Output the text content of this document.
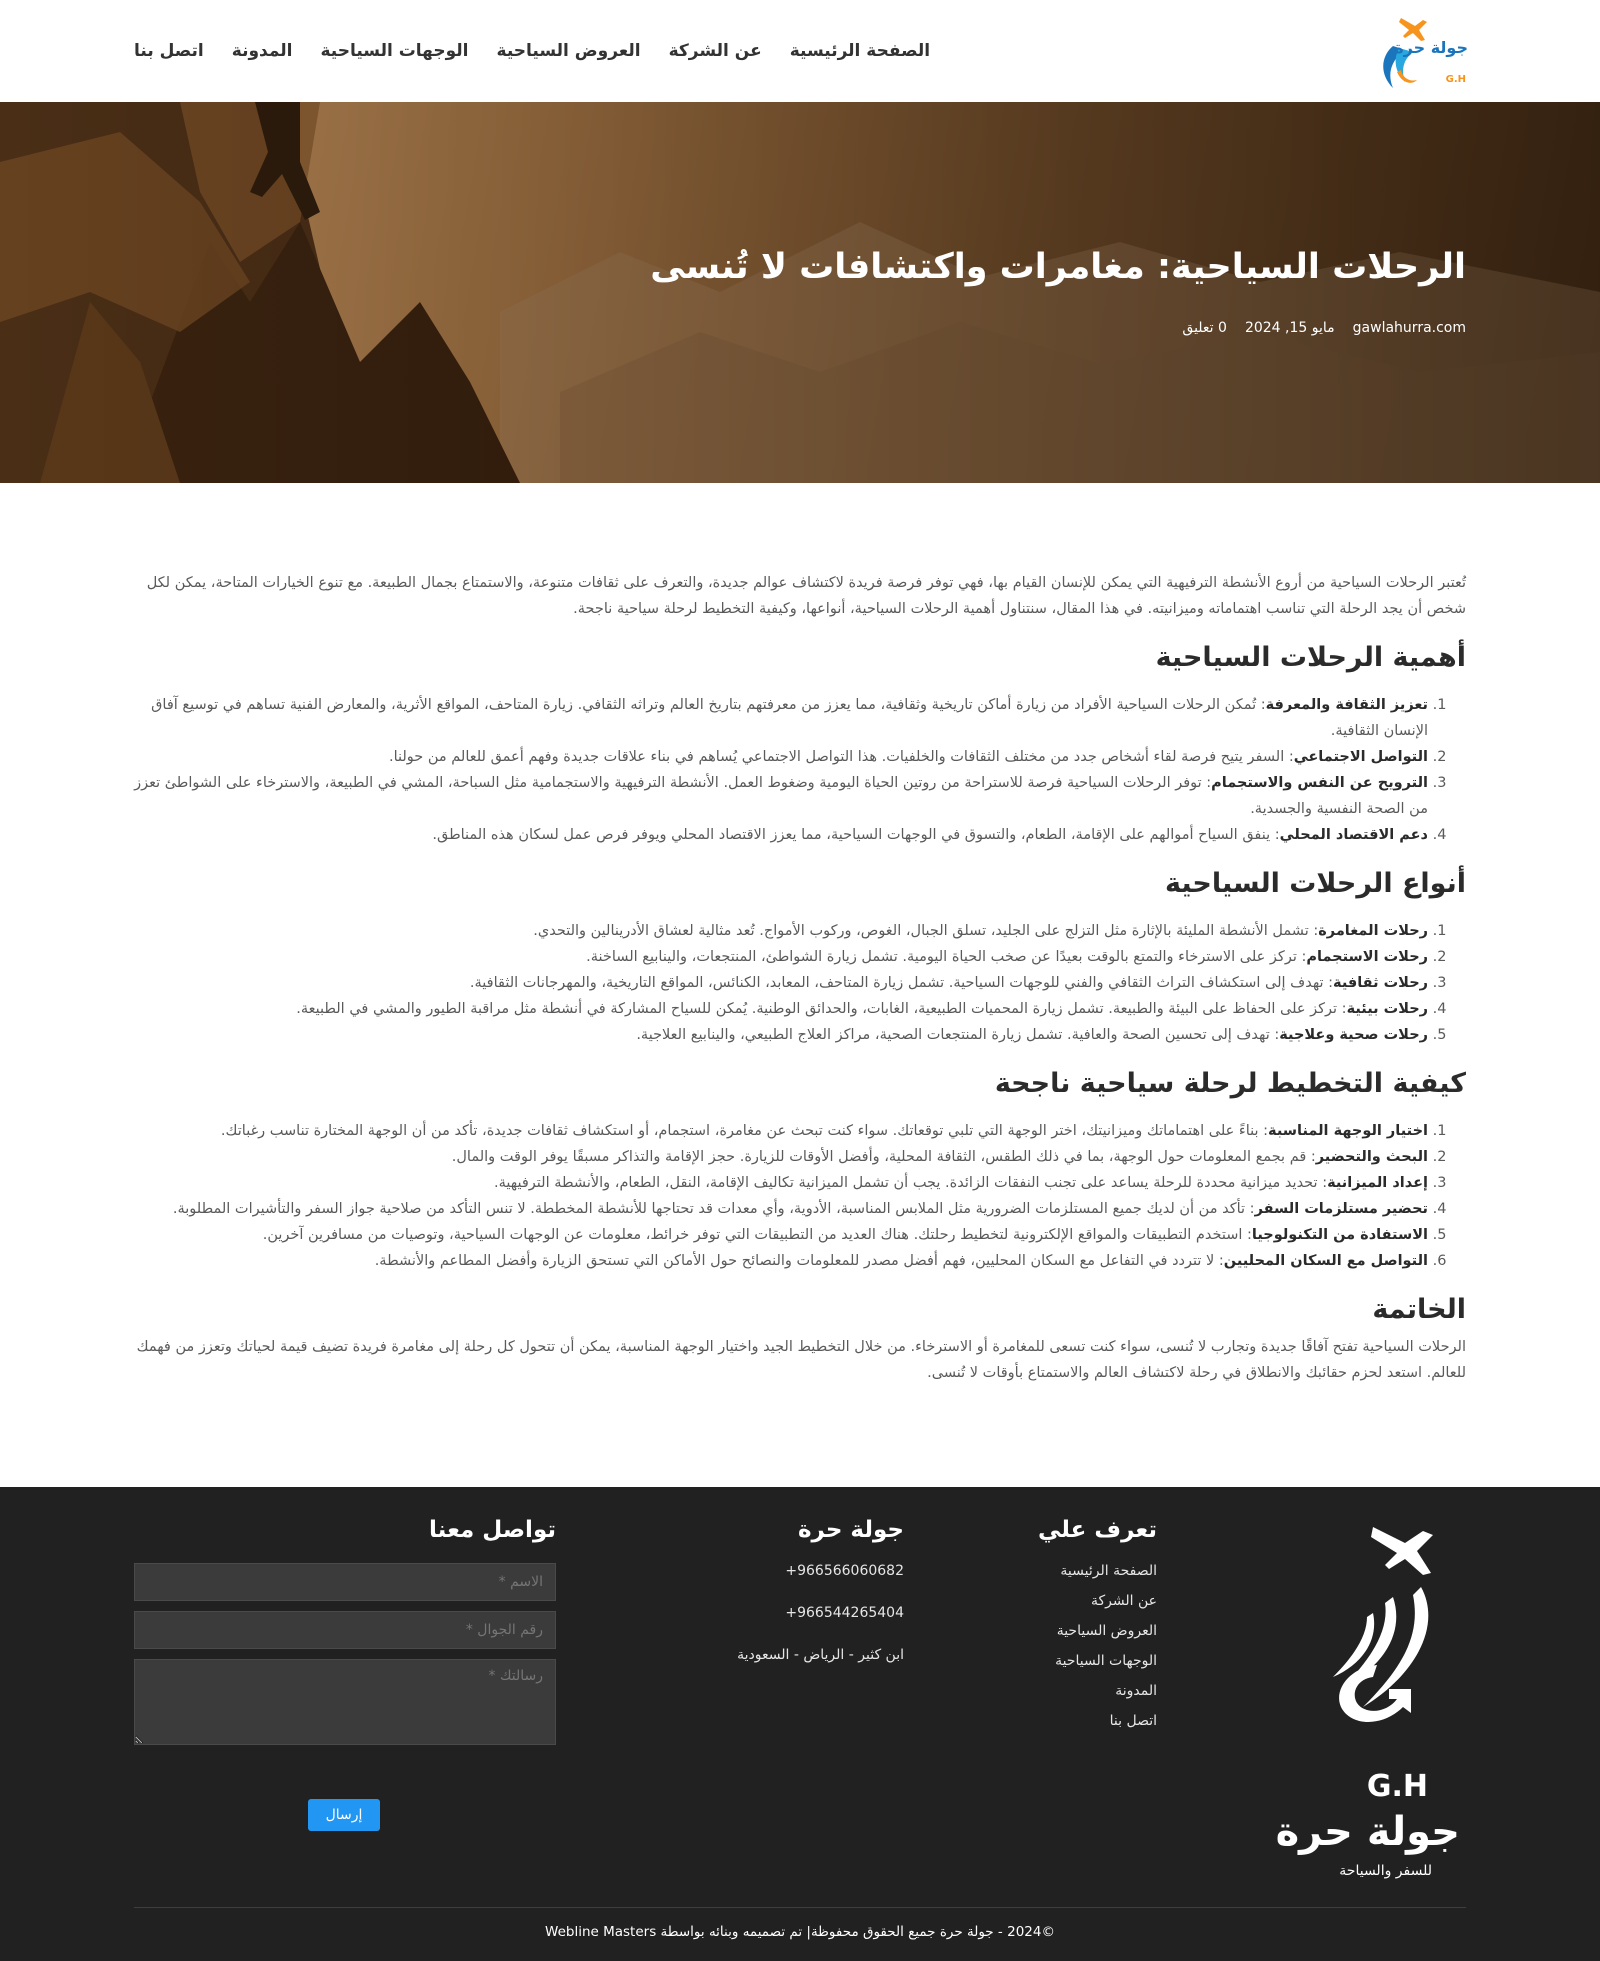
جولة حرة
G.H
الصفحة الرئيسية
عن الشركة
العروض السياحية
الوجهات السياحية
المدونة
اتصل بنا
الرحلات السياحية: مغامرات واكتشافات لا تُنسى
gawlahurra.com
مايو 15, 2024
0 تعليق

تُعتبر الرحلات السياحية من أروع الأنشطة الترفيهية التي يمكن للإنسان القيام بها، فهي توفر فرصة فريدة لاكتشاف عوالم جديدة، والتعرف على ثقافات متنوعة، والاستمتاع بجمال الطبيعة. مع تنوع الخيارات المتاحة، يمكن لكل شخص أن يجد الرحلة التي تناسب اهتماماته وميزانيته. في هذا المقال، سنتناول أهمية الرحلات السياحية، أنواعها، وكيفية التخطيط لرحلة سياحية ناجحة.

أهمية الرحلات السياحية
1. تعزيز الثقافة والمعرفة: تُمكن الرحلات السياحية الأفراد من زيارة أماكن تاريخية وثقافية، مما يعزز من معرفتهم بتاريخ العالم وتراثه الثقافي. زيارة المتاحف، المواقع الأثرية، والمعارض الفنية تساهم في توسيع آفاق الإنسان الثقافية.
2. التواصل الاجتماعي: السفر يتيح فرصة لقاء أشخاص جدد من مختلف الثقافات والخلفيات. هذا التواصل الاجتماعي يُساهم في بناء علاقات جديدة وفهم أعمق للعالم من حولنا.
3. الترويح عن النفس والاستجمام: توفر الرحلات السياحية فرصة للاستراحة من روتين الحياة اليومية وضغوط العمل. الأنشطة الترفيهية والاستجمامية مثل السباحة، المشي في الطبيعة، والاسترخاء على الشواطئ تعزز من الصحة النفسية والجسدية.
4. دعم الاقتصاد المحلي: ينفق السياح أموالهم على الإقامة، الطعام، والتسوق في الوجهات السياحية، مما يعزز الاقتصاد المحلي ويوفر فرص عمل لسكان هذه المناطق.
أنواع الرحلات السياحية
1. رحلات المغامرة: تشمل الأنشطة المليئة بالإثارة مثل التزلج على الجليد، تسلق الجبال، الغوص، وركوب الأمواج. تُعد مثالية لعشاق الأدرينالين والتحدي.
2. رحلات الاستجمام: تركز على الاسترخاء والتمتع بالوقت بعيدًا عن صخب الحياة اليومية. تشمل زيارة الشواطئ، المنتجعات، والينابيع الساخنة.
3. رحلات ثقافية: تهدف إلى استكشاف التراث الثقافي والفني للوجهات السياحية. تشمل زيارة المتاحف، المعابد، الكنائس، المواقع التاريخية، والمهرجانات الثقافية.
4. رحلات بيئية: تركز على الحفاظ على البيئة والطبيعة. تشمل زيارة المحميات الطبيعية، الغابات، والحدائق الوطنية. يُمكن للسياح المشاركة في أنشطة مثل مراقبة الطيور والمشي في الطبيعة.
5. رحلات صحية وعلاجية: تهدف إلى تحسين الصحة والعافية. تشمل زيارة المنتجعات الصحية، مراكز العلاج الطبيعي، والينابيع العلاجية.
كيفية التخطيط لرحلة سياحية ناجحة
1. اختيار الوجهة المناسبة: بناءً على اهتماماتك وميزانيتك، اختر الوجهة التي تلبي توقعاتك. سواء كنت تبحث عن مغامرة، استجمام، أو استكشاف ثقافات جديدة، تأكد من أن الوجهة المختارة تناسب رغباتك.
2. البحث والتحضير: قم بجمع المعلومات حول الوجهة، بما في ذلك الطقس، الثقافة المحلية، وأفضل الأوقات للزيارة. حجز الإقامة والتذاكر مسبقًا يوفر الوقت والمال.
3. إعداد الميزانية: تحديد ميزانية محددة للرحلة يساعد على تجنب النفقات الزائدة. يجب أن تشمل الميزانية تكاليف الإقامة، النقل، الطعام، والأنشطة الترفيهية.
4. تحضير مستلزمات السفر: تأكد من أن لديك جميع المستلزمات الضرورية مثل الملابس المناسبة، الأدوية، وأي معدات قد تحتاجها للأنشطة المخططة. لا تنس التأكد من صلاحية جواز السفر والتأشيرات المطلوبة.
5. الاستفادة من التكنولوجيا: استخدم التطبيقات والمواقع الإلكترونية لتخطيط رحلتك. هناك العديد من التطبيقات التي توفر خرائط، معلومات عن الوجهات السياحية، وتوصيات من مسافرين آخرين.
6. التواصل مع السكان المحليين: لا تتردد في التفاعل مع السكان المحليين، فهم أفضل مصدر للمعلومات والنصائح حول الأماكن التي تستحق الزيارة وأفضل المطاعم والأنشطة.
الخاتمة

الرحلات السياحية تفتح آفاقًا جديدة وتجارب لا تُنسى، سواء كنت تسعى للمغامرة أو الاسترخاء. من خلال التخطيط الجيد واختيار الوجهة المناسبة، يمكن أن تتحول كل رحلة إلى مغامرة فريدة تضيف قيمة لحياتك وتعزز من فهمك للعالم. استعد لحزم حقائبك والانطلاق في رحلة لاكتشاف العالم والاستمتاع بأوقات لا تُنسى.

G.H
جولة حرة
للسفر والسياحة
تعرف علي
الصفحة الرئيسية
عن الشركة
العروض السياحية
الوجهات السياحية
المدونة
اتصل بنا
جولة حرة
+966566060682
+966544265404
ابن كثير - الرياض - السعودية
تواصل معنا
الاسم *
رقم الجوال *
رسالتك *
إرسال
©2024 - جولة حرة جميع الحقوق محفوظة| تم تصميمه وبنائه بواسطة Webline Masters
